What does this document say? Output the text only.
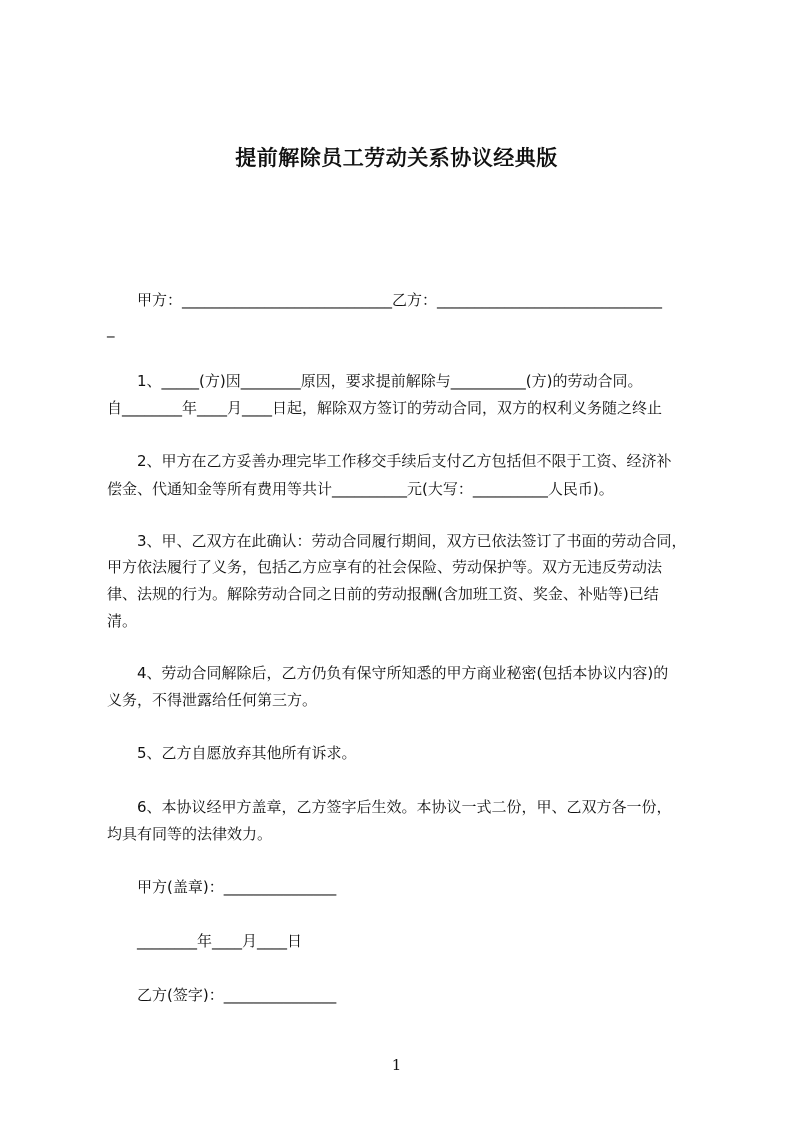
提前解除员工劳动关系协议经典版
甲方：____________________________乙方：______________________________
_
1、_____(方)因________原因，要求提前解除与__________(方)的劳动合同。
自________年____月____日起，解除双方签订的劳动合同，双方的权利义务随之终止
2、甲方在乙方妥善办理完毕工作移交手续后支付乙方包括但不限于工资、经济补
偿金、代通知金等所有费用等共计__________元(大写：__________人民币)。
3、甲、乙双方在此确认：劳动合同履行期间，双方已依法签订了书面的劳动合同，
甲方依法履行了义务，包括乙方应享有的社会保险、劳动保护等。双方无违反劳动法
律、法规的行为。解除劳动合同之日前的劳动报酬(含加班工资、奖金、补贴等)已结
清。
4、劳动合同解除后，乙方仍负有保守所知悉的甲方商业秘密(包括本协议内容)的
义务，不得泄露给任何第三方。
5、乙方自愿放弃其他所有诉求。
6、本协议经甲方盖章，乙方签字后生效。本协议一式二份，甲、乙双方各一份，
均具有同等的法律效力。
甲方(盖章)：_______________
________年____月____日
乙方(签字)：_______________
1
